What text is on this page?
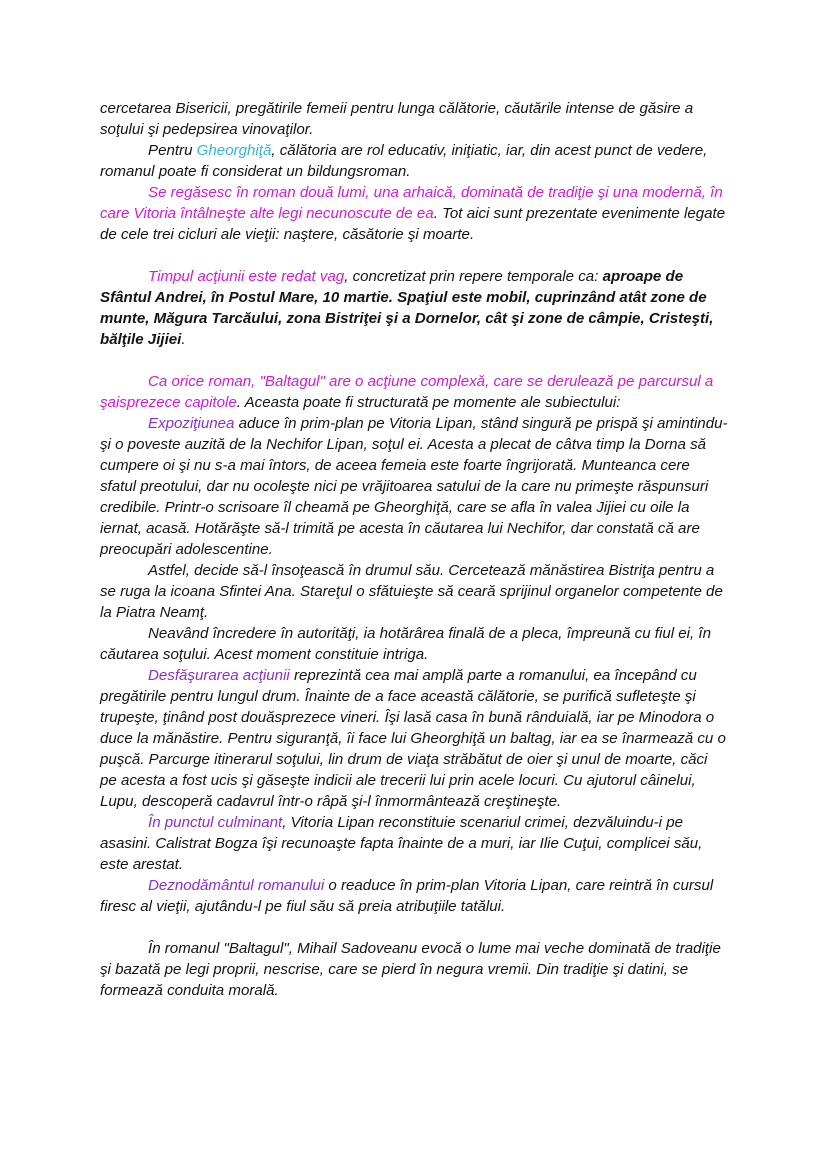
cercetarea Bisericii, pregătirile femeii pentru lunga călătorie, căutările intense de găsire a soţului şi pedepsirea vinovaţilor.

Pentru Gheorghiţă, călătoria are rol educativ, iniţiatic, iar, din acest punct de vedere, romanul poate fi considerat un bildungsroman.

Se regăsesc în roman două lumi, una arhaică, dominată de tradiţie şi una modernă, în care Vitoria întâlneşte alte legi necunoscute de ea. Tot aici sunt prezentate evenimente legate de cele trei cicluri ale vieţii: naştere, căsătorie şi moarte.

Timpul acţiunii este redat vag, concretizat prin repere temporale ca: aproape de Sfântul Andrei, în Postul Mare, 10 martie. Spaţiul este mobil, cuprinzând atât zone de munte, Măgura Tarcăului, zona Bistriţei şi a Dornelor, cât şi zone de câmpie, Cristeşti, bălţile Jijiei.

Ca orice roman, "Baltagul" are o acţiune complexă, care se derulează pe parcursul a şaisprezece capitole. Aceasta poate fi structurată pe momente ale subiectului:

Expoziţiunea aduce în prim-plan pe Vitoria Lipan, stând singură pe prispă şi amintindu-şi o poveste auzită de la Nechifor Lipan, soţul ei. Acesta a plecat de câtva timp la Dorna să cumpere oi şi nu s-a mai întors, de aceea femeia este foarte îngrijorată. Munteanca cere sfatul preotului, dar nu ocoleşte nici pe vrăjitoarea satului de la care nu primeşte răspunsuri credibile. Printr-o scrisoare îl cheamă pe Gheorghiţă, care se afla în valea Jijiei cu oile la iernat, acasă. Hotărăşte să-l trimită pe acesta în căutarea lui Nechifor, dar constată că are preocupări adolescentine.

Astfel, decide să-l însoţească în drumul său. Cercetează mănăstirea Bistriţa pentru a se ruga la icoana Sfintei Ana. Stareţul o sfătuieşte să ceară sprijinul organelor competente de la Piatra Neamţ.

Neavând încredere în autorităţi, ia hotărârea finală de a pleca, împreună cu fiul ei, în căutarea soţului. Acest moment constituie intriga.

Desfăşurarea acţiunii reprezintă cea mai amplă parte a romanului, ea începând cu pregătirile pentru lungul drum. Înainte de a face această călătorie, se purifică sufleteşte şi trupeşte, ţinând post douăsprezece vineri. Îşi lasă casa în bună rânduială, iar pe Minodora o duce la mănăstire. Pentru siguranţă, îi face lui Gheorghiţă un baltag, iar ea se înarmează cu o puşcă. Parcurge itinerarul soţului, lin drum de viaţa străbătut de oier şi unul de moarte, căci pe acesta a fost ucis şi găseşte indicii ale trecerii lui prin acele locuri. Cu ajutorul câinelui, Lupu, descoperă cadavrul într-o râpă şi-l înmormântează creştineşte.

În punctul culminant, Vitoria Lipan reconstituie scenariul crimei, dezvăluindu-i pe asasini. Calistrat Bogza îşi recunoaşte fapta înainte de a muri, iar Ilie Cuţui, complicei său, este arestat.

Deznodământul romanului o readuce în prim-plan Vitoria Lipan, care reintră în cursul firesc al vieţii, ajutându-l pe fiul său să preia atribuţiile tatălui.

În romanul "Baltagul", Mihail Sadoveanu evocă o lume mai veche dominată de tradiţie şi bazată pe legi proprii, nescrise, care se pierd în negura vremii. Din tradiţie şi datini, se formează conduita morală.
